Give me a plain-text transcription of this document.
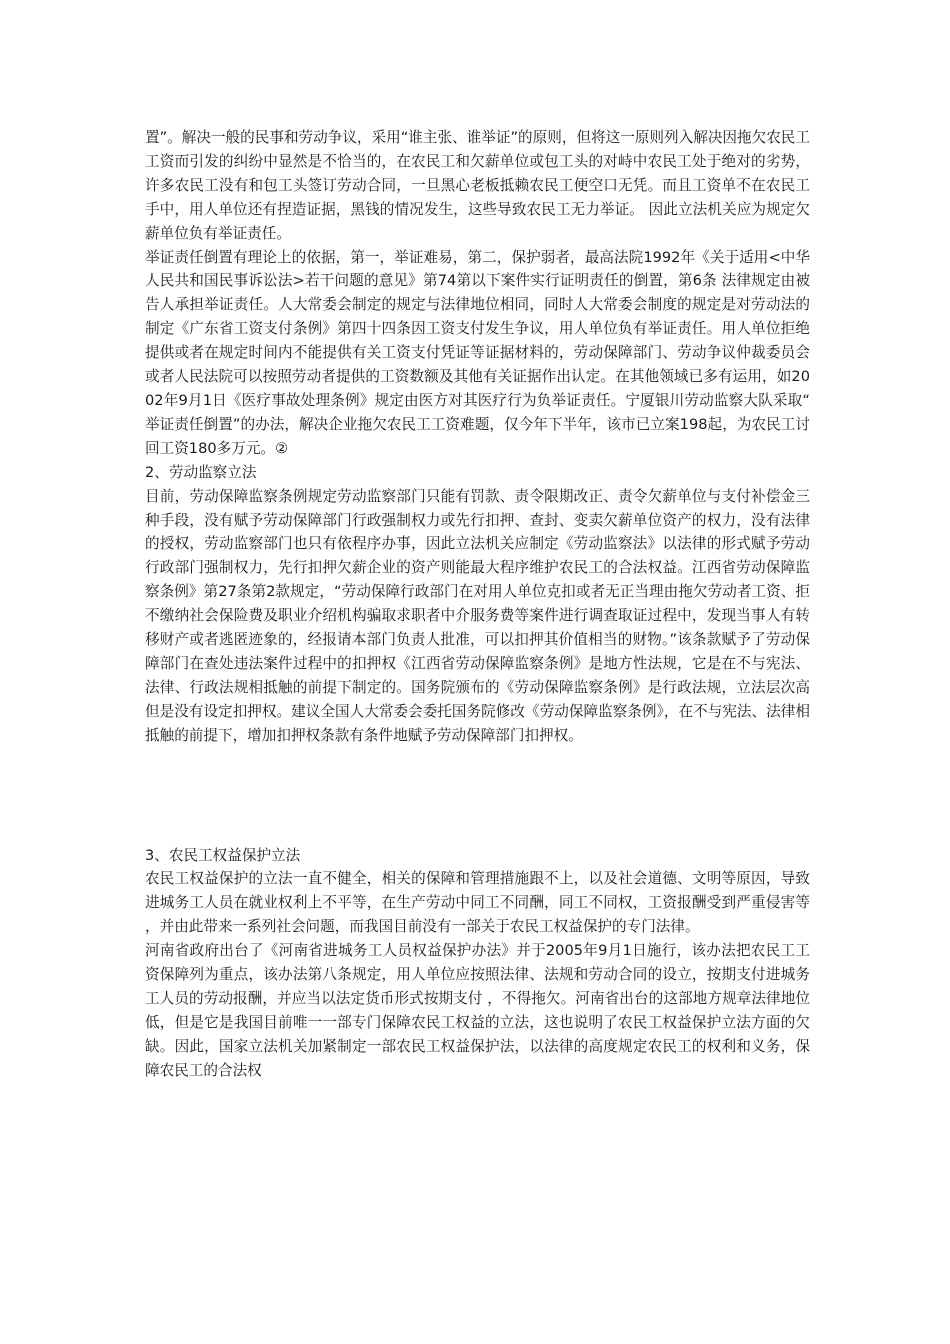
置”。解决一般的民事和劳动争议，采用“谁主张、谁举证”的原则，但将这一原则列入解决因拖欠农民工工资而引发的纠纷中显然是不恰当的，在农民工和欠薪单位或包工头的对峙中农民工处于绝对的劣势，许多农民工没有和包工头签订劳动合同，一旦黑心老板抵赖农民工便空口无凭。而且工资单不在农民工手中，用人单位还有捏造证据，黑钱的情况发生，这些导致农民工无力举证。 因此立法机关应为规定欠薪单位负有举证责任。

举证责任倒置有理论上的依据，第一，举证难易，第二，保护弱者，最高法院1992年《关于适用<中华人民共和国民事诉讼法>若干问题的意见》第74第以下案件实行证明责任的倒置，第6条 法律规定由被告人承担举证责任。人大常委会制定的规定与法律地位相同，同时人大常委会制度的规定是对劳动法的制定《广东省工资支付条例》第四十四条因工资支付发生争议，用人单位负有举证责任。用人单位拒绝提供或者在规定时间内不能提供有关工资支付凭证等证据材料的，劳动保障部门、劳动争议仲裁委员会或者人民法院可以按照劳动者提供的工资数额及其他有关证据作出认定。在其他领域已多有运用，如2002年9月1日《医疗事故处理条例》规定由医方对其医疗行为负举证责任。宁厦银川劳动监察大队采取“举证责任倒置”的办法，解决企业拖欠农民工工资难题，仅今年下半年，该市已立案198起，为农民工讨回工资180多万元。②

2、劳动监察立法

目前，劳动保障监察条例规定劳动监察部门只能有罚款、责令限期改正、责令欠薪单位与支付补偿金三种手段，没有赋予劳动保障部门行政强制权力或先行扣押、查封、变卖欠薪单位资产的权力，没有法律的授权，劳动监察部门也只有依程序办事，因此立法机关应制定《劳动监察法》以法律的形式赋予劳动行政部门强制权力，先行扣押欠薪企业的资产则能最大程序维护农民工的合法权益。江西省劳动保障监察条例》第27条第2款规定，“劳动保障行政部门在对用人单位克扣或者无正当理由拖欠劳动者工资、拒不缴纳社会保险费及职业介绍机构骗取求职者中介服务费等案件进行调查取证过程中，发现当事人有转移财产或者逃匿迹象的，经报请本部门负责人批准，可以扣押其价值相当的财物。”该条款赋予了劳动保障部门在查处违法案件过程中的扣押权《江西省劳动保障监察条例》是地方性法规，它是在不与宪法、法律、行政法规相抵触的前提下制定的。国务院颁布的《劳动保障监察条例》是行政法规，立法层次高但是没有设定扣押权。建议全国人大常委会委托国务院修改《劳动保障监察条例》，在不与宪法、法律相抵触的前提下，增加扣押权条款有条件地赋予劳动保障部门扣押权。

3、农民工权益保护立法

农民工权益保护的立法一直不健全，相关的保障和管理措施跟不上，以及社会道德、文明等原因，导致进城务工人员在就业权利上不平等，在生产劳动中同工不同酬，同工不同权，工资报酬受到严重侵害等，并由此带来一系列社会问题，而我国目前没有一部关于农民工权益保护的专门法律。

河南省政府出台了《河南省进城务工人员权益保护办法》并于2005年9月1日施行，该办法把农民工工资保障列为重点，该办法第八条规定，用人单位应按照法律、法规和劳动合同的设立，按期支付进城务工人员的劳动报酬，并应当以法定货币形式按期支付 ，不得拖欠。河南省出台的这部地方规章法律地位低，但是它是我国目前唯一一部专门保障农民工权益的立法，这也说明了农民工权益保护立法方面的欠缺。因此，国家立法机关加紧制定一部农民工权益保护法，以法律的高度规定农民工的权利和义务，保障农民工的合法权
